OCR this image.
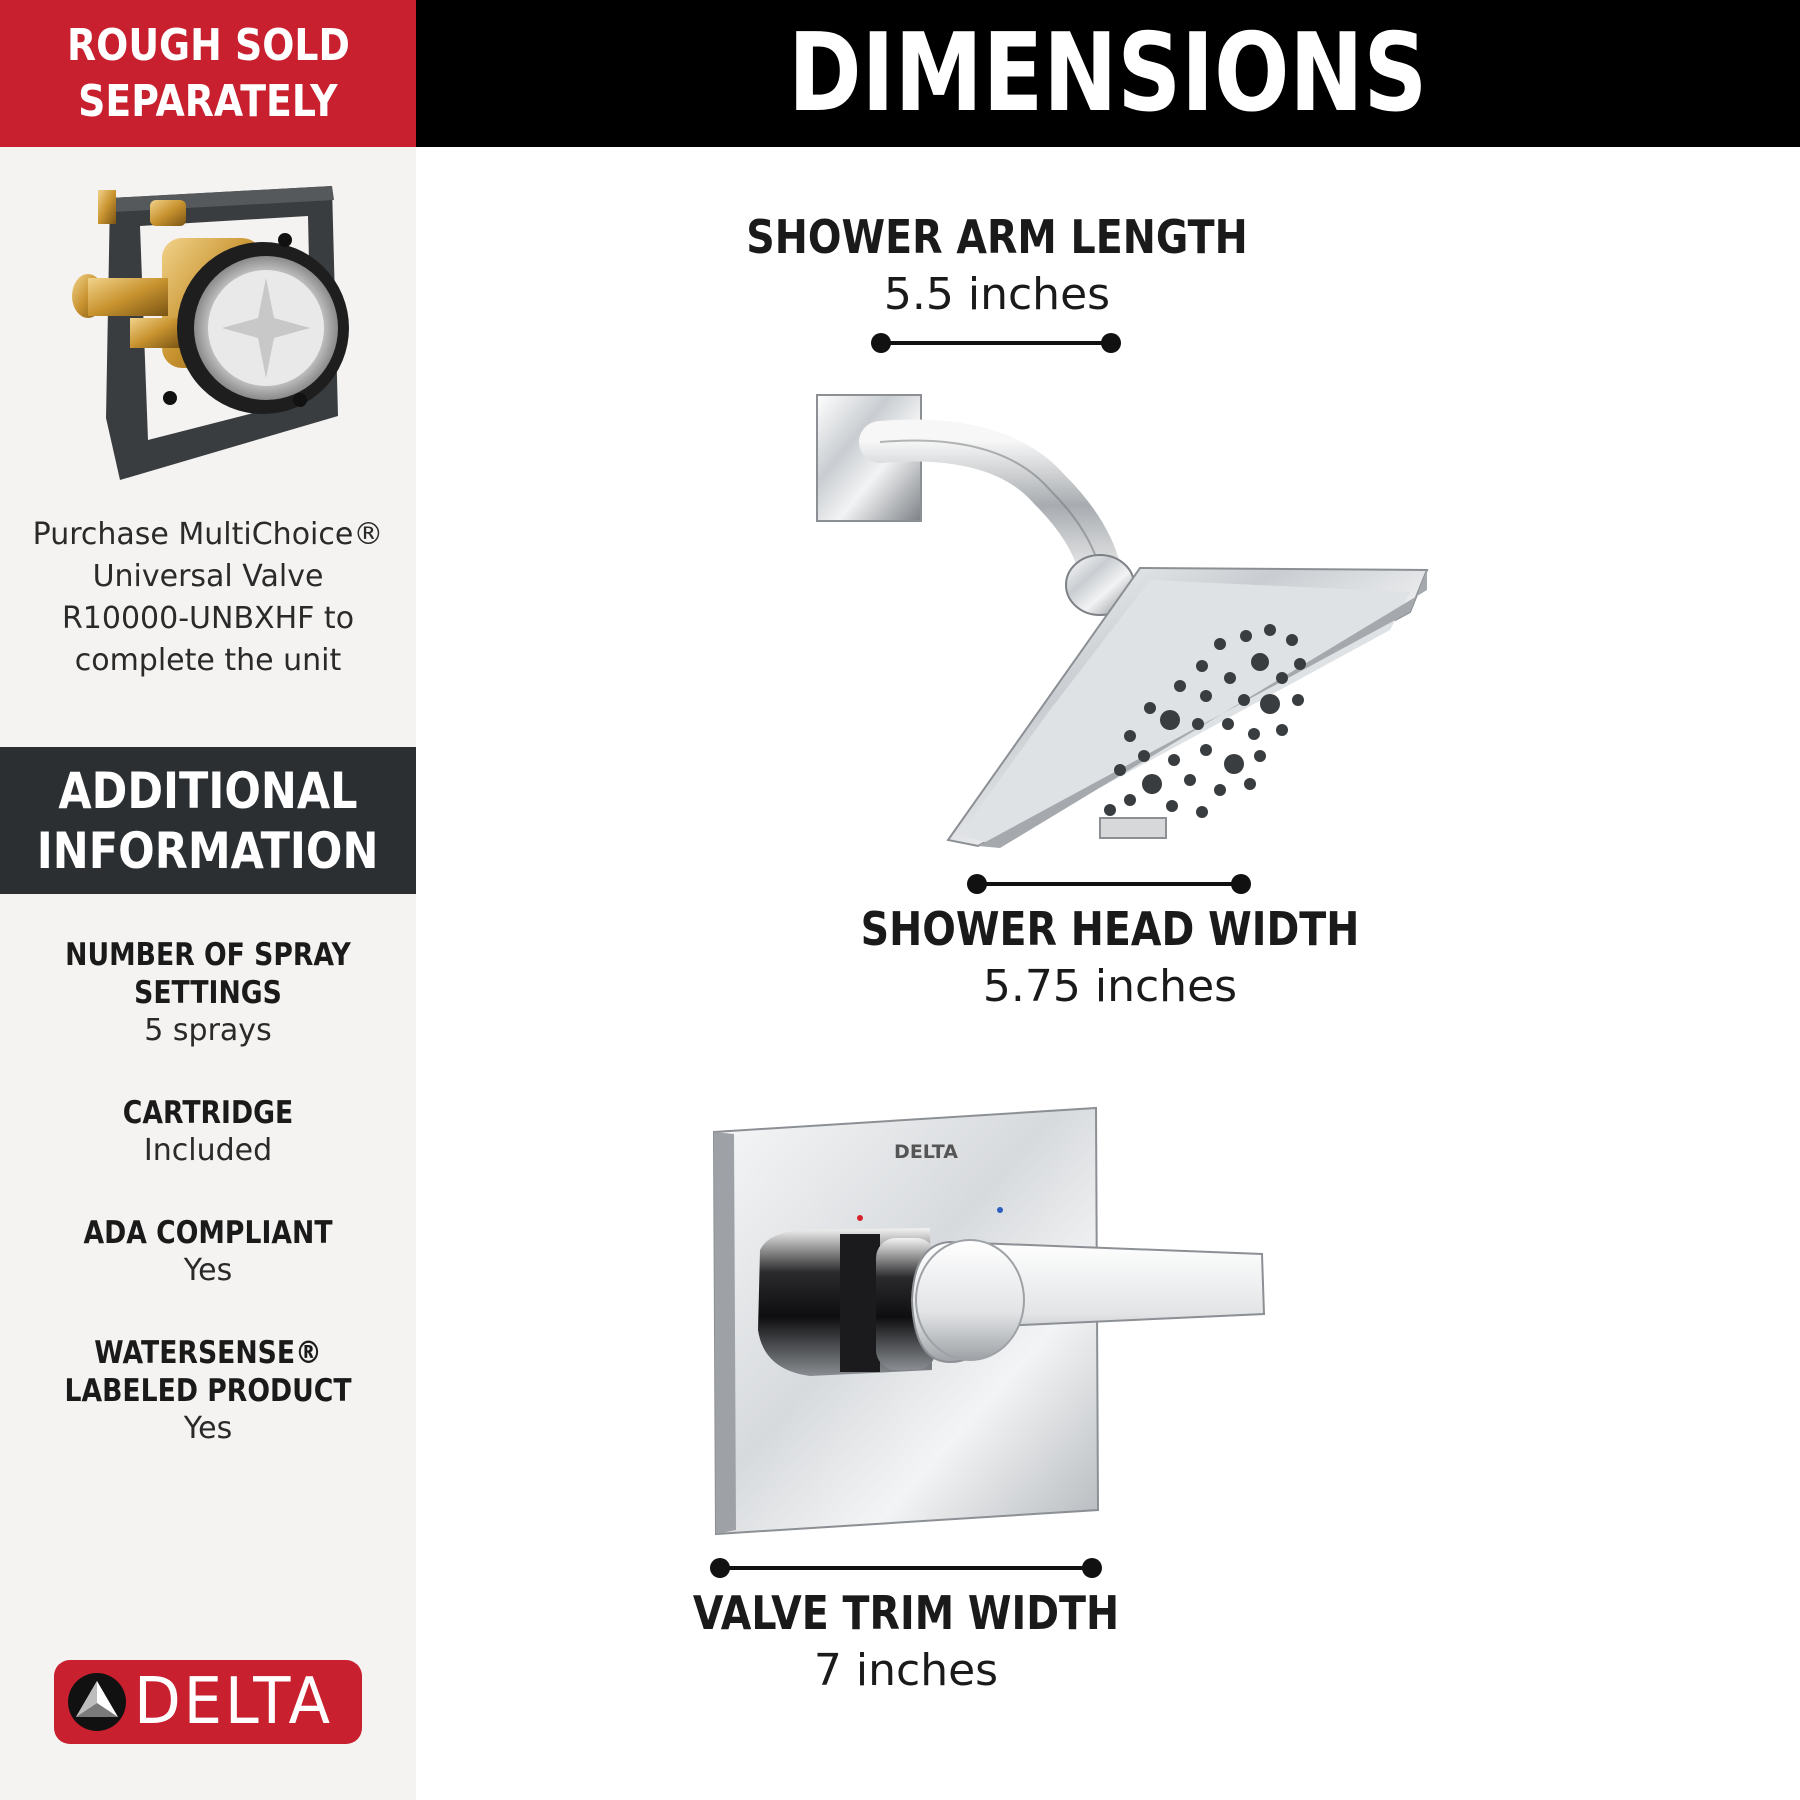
ROUGH SOLD
SEPARATELY
Purchase MultiChoice®
Universal Valve
R10000-UNBXHF to
complete the unit
ADDITIONAL
INFORMATION
NUMBER OF SPRAY
SETTINGS
5 sprays
CARTRIDGE
Included
ADA COMPLIANT
Yes
WATERSENSE®
LABELED PRODUCT
Yes
DELTA
DIMENSIONS
SHOWER ARM LENGTH
5.5 inches
SHOWER HEAD WIDTH
5.75 inches
DELTA
VALVE TRIM WIDTH
7 inches
